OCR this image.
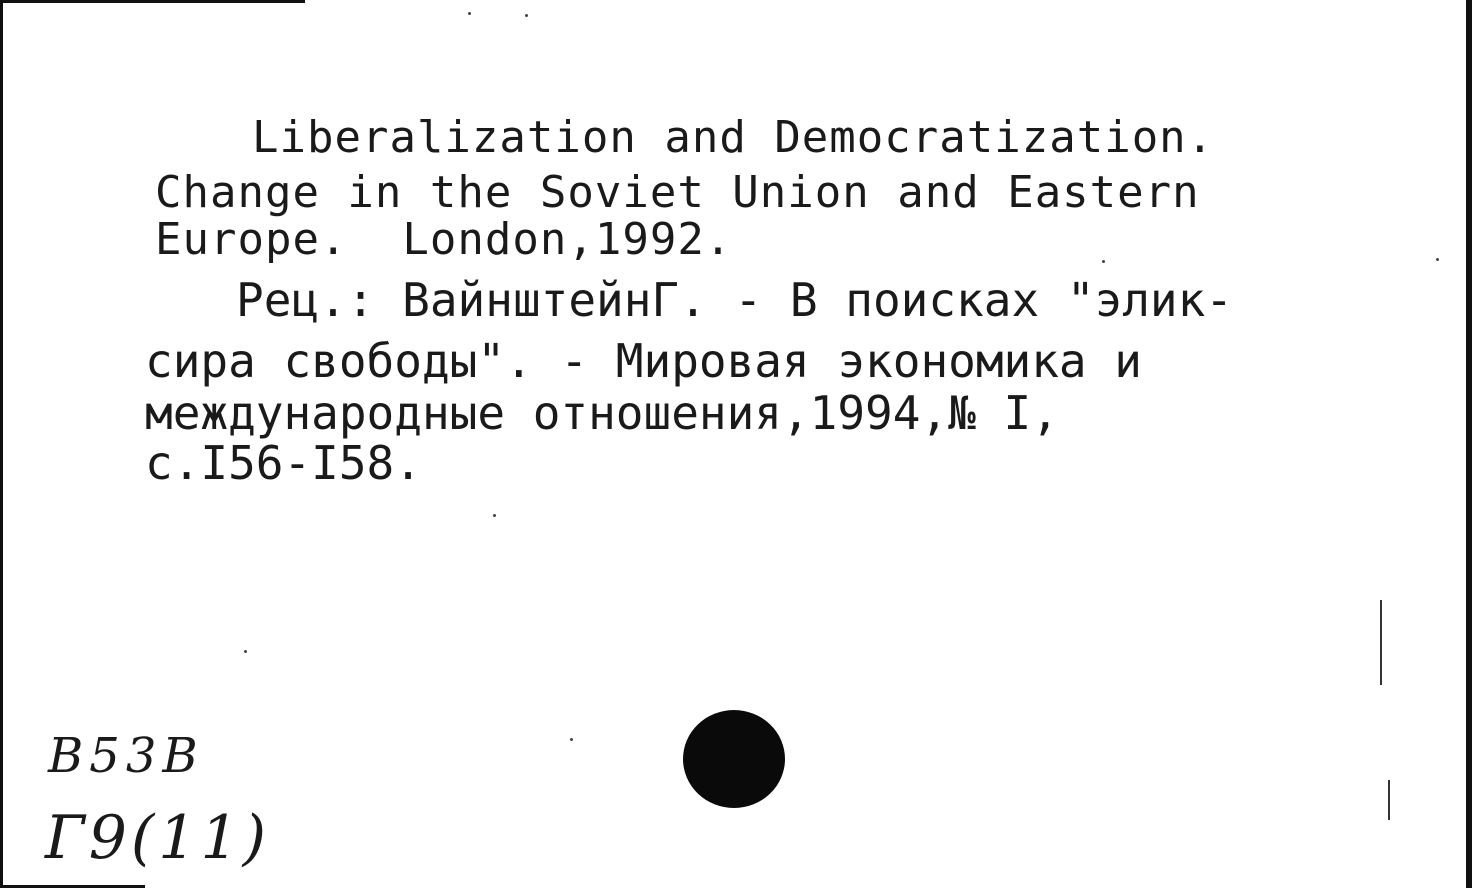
Liberalization and Democratization.
Change in the Soviet Union and Eastern
Europe.  London,1992.
Рец.: ВайнштейнГ. - В поисках "элик-
сира свободы". - Мировая экономика и
международные отношения,1994,№ I,
с.I56-I58.
В53В
Г9(11)
